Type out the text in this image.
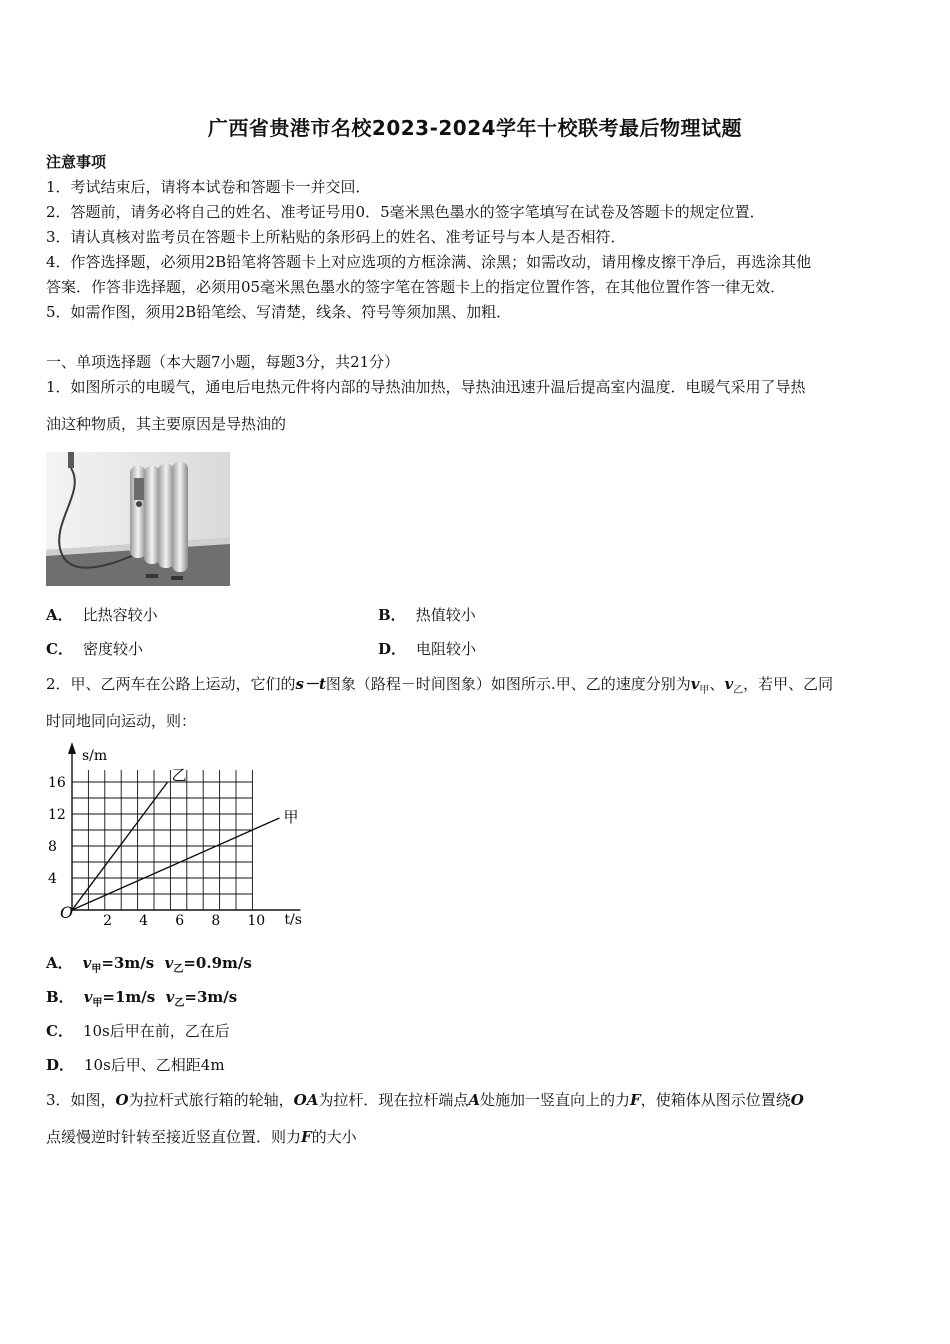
广西省贵港市名校2023-2024学年十校联考最后物理试题
注意事项
1．考试结束后，请将本试卷和答题卡一并交回．
2．答题前，请务必将自己的姓名、准考证号用0．5毫米黑色墨水的签字笔填写在试卷及答题卡的规定位置．
3．请认真核对监考员在答题卡上所粘贴的条形码上的姓名、准考证号与本人是否相符．
4．作答选择题，必须用2B铅笔将答题卡上对应选项的方框涂满、涂黑；如需改动，请用橡皮擦干净后，再选涂其他
答案．作答非选择题，必须用05毫米黑色墨水的签字笔在答题卡上的指定位置作答，在其他位置作答一律无效．
5．如需作图，须用2B铅笔绘、写清楚，线条、符号等须加黑、加粗．
一、单项选择题（本大题7小题，每题3分，共21分）
1．如图所示的电暖气，通电后电热元件将内部的导热油加热，导热油迅速升温后提高室内温度．电暖气采用了导热
油这种物质，其主要原因是导热油的
A． 比热容较小	B． 热值较小
C． 密度较小	D． 电阻较小
2．甲、乙两车在公路上运动，它们的s－t图象（路程－时间图象）如图所示.甲、乙的速度分别为$v_甲$、$v_乙$，若甲、乙同
时同地同向运动，则：
s/m
t/s
O 2 4 6 8 10
4
8
12
16	乙
甲
A． $v_甲=3m/s$ $v_乙=0.9m/s$
B． $v_甲=1m/s$ $v_乙=3m/s$
C． 10s后甲在前，乙在后
D． 10s后甲、乙相距4m
3．如图，O为拉杆式旅行箱的轮轴，OA为拉杆．现在拉杆端点A处施加一竖直向上的力F，使箱体从图示位置绕O
点缓慢逆时针转至接近竖直位置．则力F的大小
